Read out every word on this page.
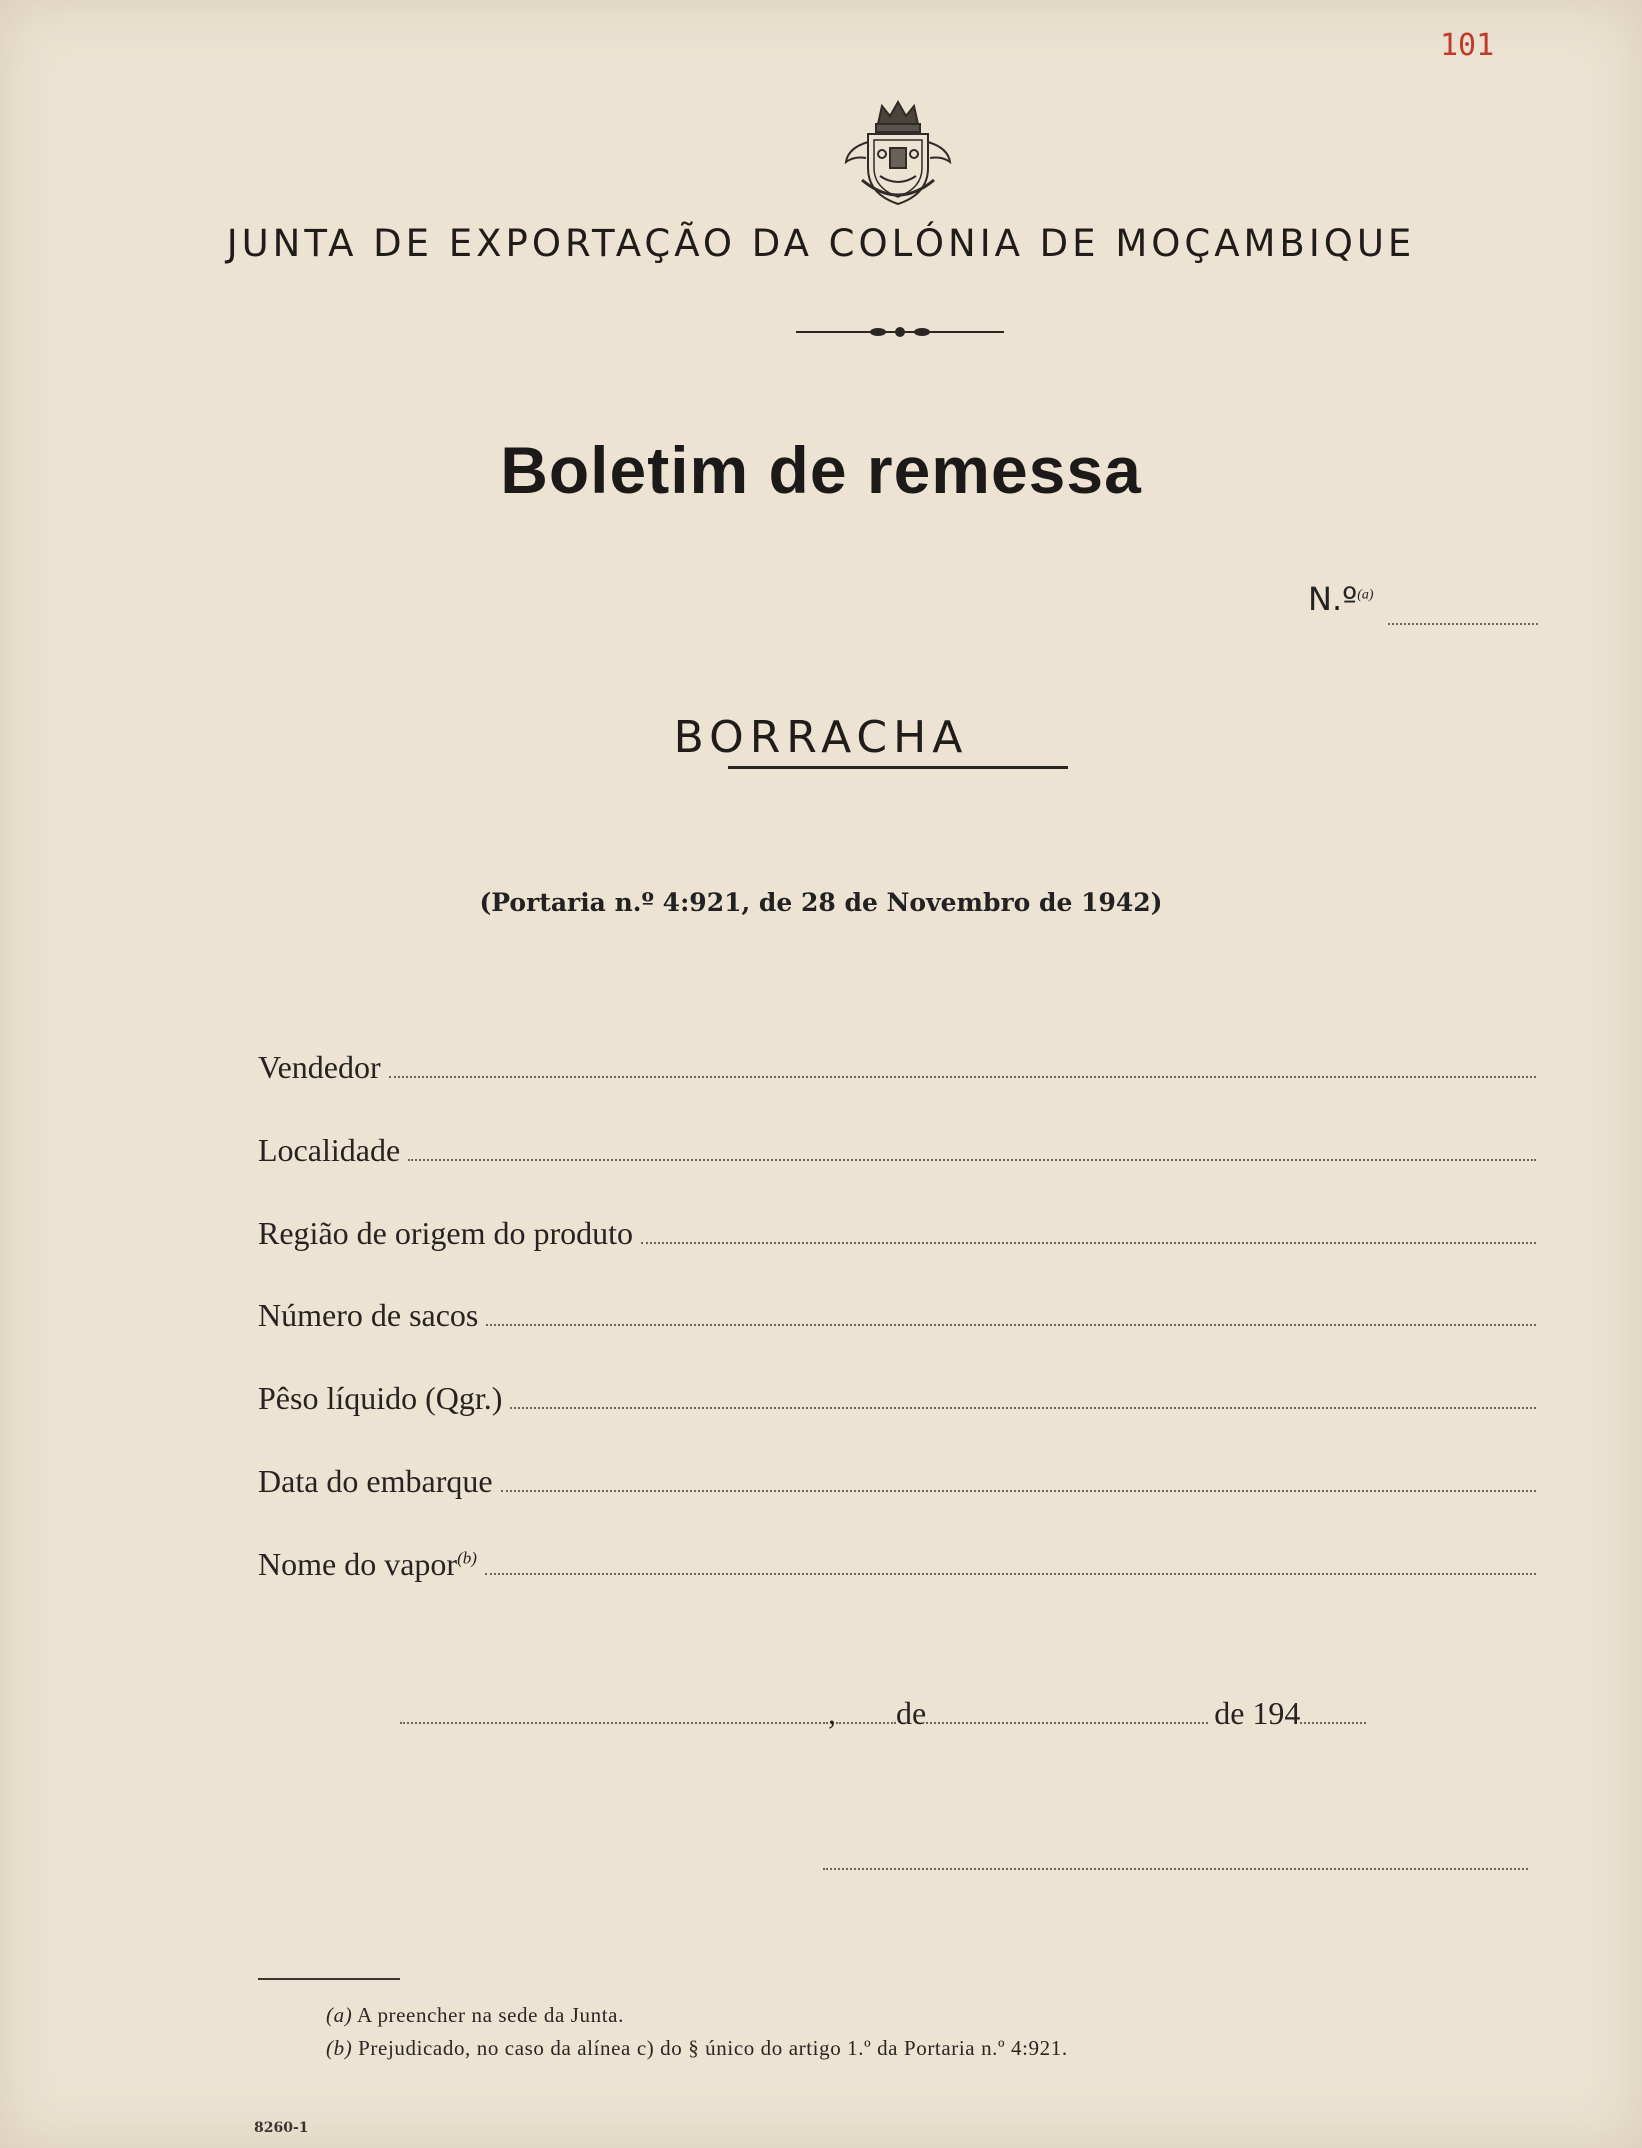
101
JUNTA DE EXPORTAÇÃO DA COLÓNIA DE MOÇAMBIQUE
Boletim de remessa
N.º$^{(a)}$
BORRACHA
(Portaria n.º 4:921, de 28 de Novembro de 1942)
Vendedor
Localidade
Região de origem do produto
Número de sacos
Pêso líquido (Qgr.)
Data do embarque
Nome do vapor$^{(b)}$
, de	de 194
(a) A preencher na sede da Junta.
(b) Prejudicado, no caso da alínea c) do § único do artigo 1.º da Portaria n.º 4:921.
8260-1
